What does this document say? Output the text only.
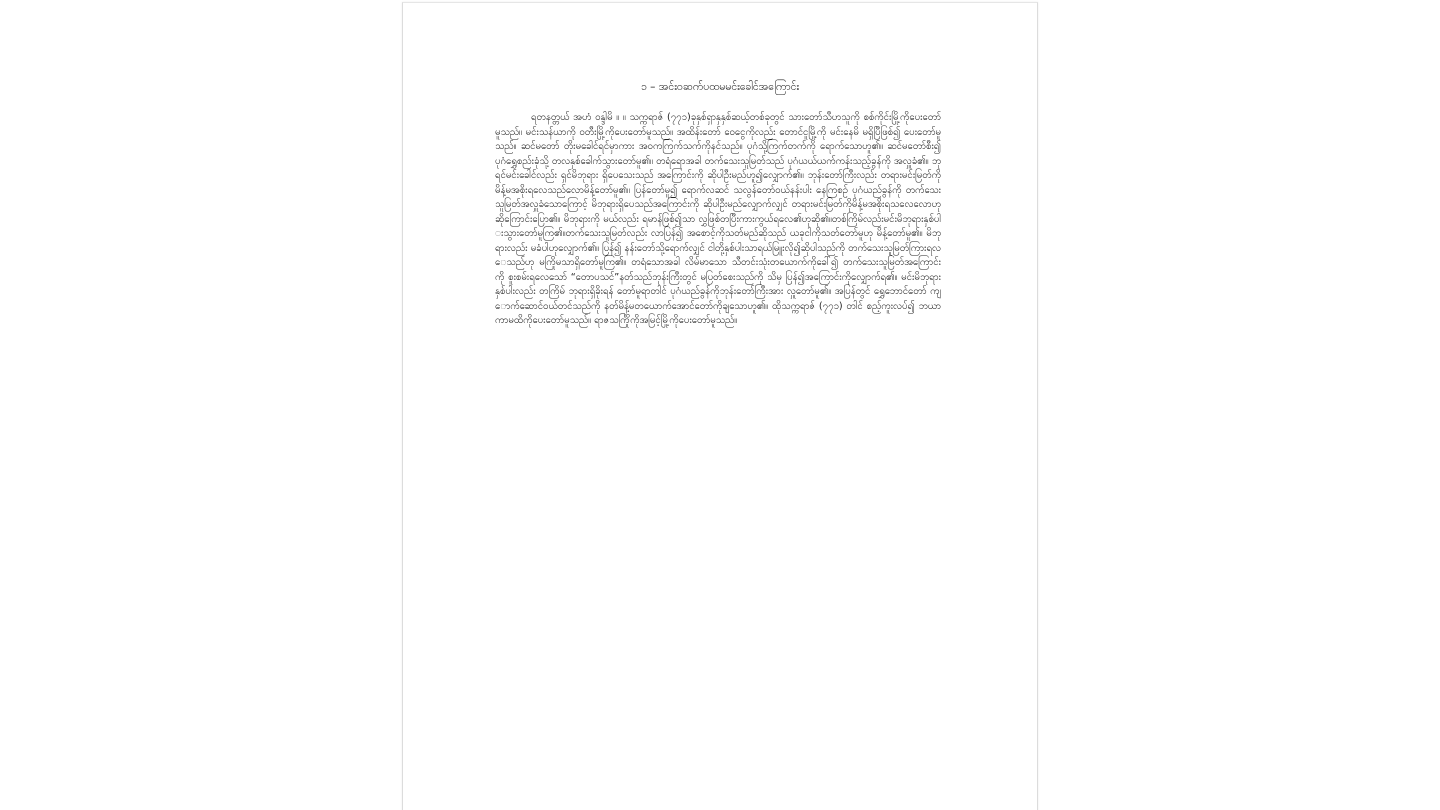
၁ – အင်းဝဆက်ပထမမင်းခေါင်အကြောင်း

ရတနတ္တယ် အဟံ ဝန္ဒါမိ ။ ။ သက္ကရာဇ် (၇၇၁)ခုနှစ်ရှာနှနှစ်ဆယ့်တစ်ခုတွင် သားတော်သီဟသူကို စစ်ကိုင်းမြို့ကိုပေးတော်မူသည်။ မင်းသန်ယာကို ဝတီးမြို့ကိုပေးတော်မူသည်။ အထိန်းတော် ဝေငွေကိုလည်း တောင်ငူမြို့ကို မင်းနေမိ မရှိပြီဖြစ်၍ ပေးတော်မူသည်။ ဆင်မတော် တိုးမခေါင်ရင်မှာကား အဝကကြက်သက်ကိုနင်သည်။ ပုဂံသို့ကြက်တက်ကို ရောက်သောဟူ၏။ ဆင်မတော်စီး၍ ပုဂံရွှေစည်းခုံသို့ တလနှစ်ခေါက်သွားတော်မူ၏။ တရံရောအခါ တက်သေးသူမြတ်သည် ပုဂံယယ်ယက်ကန်းသည့်ခွန်ကို အလှူခံ၏။ ဘုရင်မင်းခေါင်လည်း ရှင်မိဘုရား ရှိပေသေးသည် အကြောင်းကို ဆိုပါဦးမည်ဟူ၍လျှောက်၏။ ဘုန်းတော်ကြီးလည်း တရားမင်းမြတ်ကို မိန့်မအစိုးရလေသည်လောမိန့်တော်မူ၏။ ပြန်တော်မူ၍ ရောက်လဆင် သလွန်တော်ဝယ်နန်းပါး နေကြစဉ် ပုဂံယည်ခွန်ကို တက်သေးသူမြတ်အလှူခံသောကြောင့် မိဘုရားရှိပေသည်အကြောင်းကို ဆိုပါဦးမည်လျှောက်လျှင် တရားမင်းမြတ်ကိုမိန့်မအစိုးရသလေလောဟုဆိုကြောင်းပြော၏။ မိဘုရားကို မယ်လည်း ရမာန်ဖြစ်၍သာ လွှဖြစ်တပြီးကားကွယ်ရလေ၏ဟုဆို၏။တစ်ကြိမ်လည်းမင်းမိဘုရားနှစ်ပါးသွားတော်မူကြ၏။တက်သေးသူမြတ်လည်း လာပြန်၍ အစောင့်ကိုသတ်မည်ဆိုသည် ယခုငါကိုသတ်တော်မူဟု မိန့်တော်မူ၏။ မိဘုရားလည်း မခံပါဟုလျှောက်၏။ ပြန်၍ နန်းတော်သို့ရောက်လျှင် ငါတို့နှစ်ပါးသာရယ်မြူးလို၍ဆိုပါသည်ကို တက်သေးသူမြတ်ကြားရလေသည်ဟု မကြိုမသာရှိတော်မူကြ၏။ တရံသောအခါ လိမ်မာသော သီတင်းသုံးတယောက်ကိုခေါ်၍ တက်သေးသူမြတ်အကြောင်းကို စူးစမ်းရလေသော် “တောပသင်”နတ်သည်ဘုန်းကြီးတွင် မပြတ်စေးသည်ကို သိမှ ပြန်၍အကြောင်းကိုလျှောက်ရ၏။ မင်းမိဘုရားနှစ်ပါးလည်း တကြိမ် ဘုရားရှိခိုးရန် တော်မူရာတါင် ပုဂံယည်ခွန်ကိုဘုန်းတော်ကြီးအား လှူတော်မူ၏။ အပြန်တွင် ရွှေဘောင်တော် ကျောက်ဆောင်ဝယ်တင်သည်ကို နတ်မိန့်မတယောက်အောင်တော်ကိုချသောဟူ၏။ ထိုသက္ကရာဇ် (၇၇၁) တါင် စည့်ကူးလပ်၍ ဘယာကာမထိကိုပေးတော်မူသည်။ ရာဇသင်္ကြိုကိုအမြင့်မြို့ကိုပေးတော်မူသည်။
